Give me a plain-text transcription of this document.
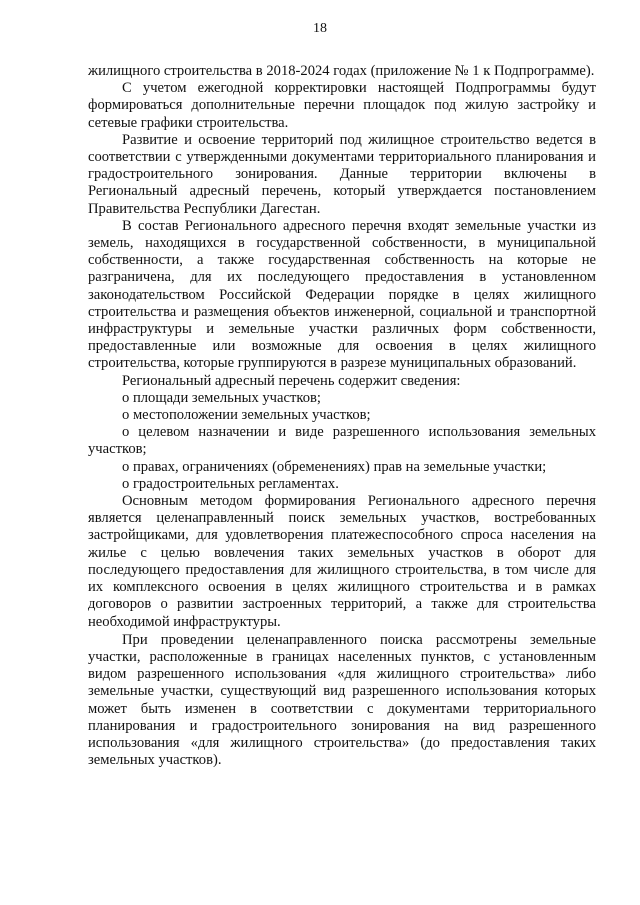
18

жилищного строительства в 2018-2024 годах (приложение № 1 к Подпрограмме).

С учетом ежегодной корректировки настоящей Подпрограммы будут формироваться дополнительные перечни площадок под жилую застройку и сетевые графики строительства.

Развитие и освоение территорий под жилищное строительство ведется в соответствии с утвержденными документами территориального планирования и градостроительного зонирования. Данные территории включены в Региональный адресный перечень, который утверждается постановлением Правительства Республики Дагестан.

В состав Регионального адресного перечня входят земельные участки из земель, находящихся в государственной собственности, в муниципальной собственности, а также государственная собственность на которые не разграничена, для их последующего предоставления в установленном законодательством Российской Федерации порядке в целях жилищного строительства и размещения объектов инженерной, социальной и транспортной инфраструктуры и земельные участки различных форм собственности, предоставленные или возможные для освоения в целях жилищного строительства, которые группируются в разрезе муниципальных образований.

Региональный адресный перечень содержит сведения:

о площади земельных участков;

о местоположении земельных участков;

о целевом назначении и виде разрешенного использования земельных участков;

о правах, ограничениях (обременениях) прав на земельные участки;

о градостроительных регламентах.

Основным методом формирования Регионального адресного перечня является целенаправленный поиск земельных участков, востребованных застройщиками, для удовлетворения платежеспособного спроса населения на жилье с целью вовлечения таких земельных участков в оборот для последующего предоставления для жилищного строительства, в том числе для их комплексного освоения в целях жилищного строительства и в рамках договоров о развитии застроенных территорий, а также для строительства необходимой инфраструктуры.

При проведении целенаправленного поиска рассмотрены земельные участки, расположенные в границах населенных пунктов, с установленным видом разрешенного использования «для жилищного строительства» либо земельные участки, существующий вид разрешенного использования которых может быть изменен в соответствии с документами территориального планирования и градостроительного зонирования на вид разрешенного использования «для жилищного строительства» (до предоставления таких земельных участков).
